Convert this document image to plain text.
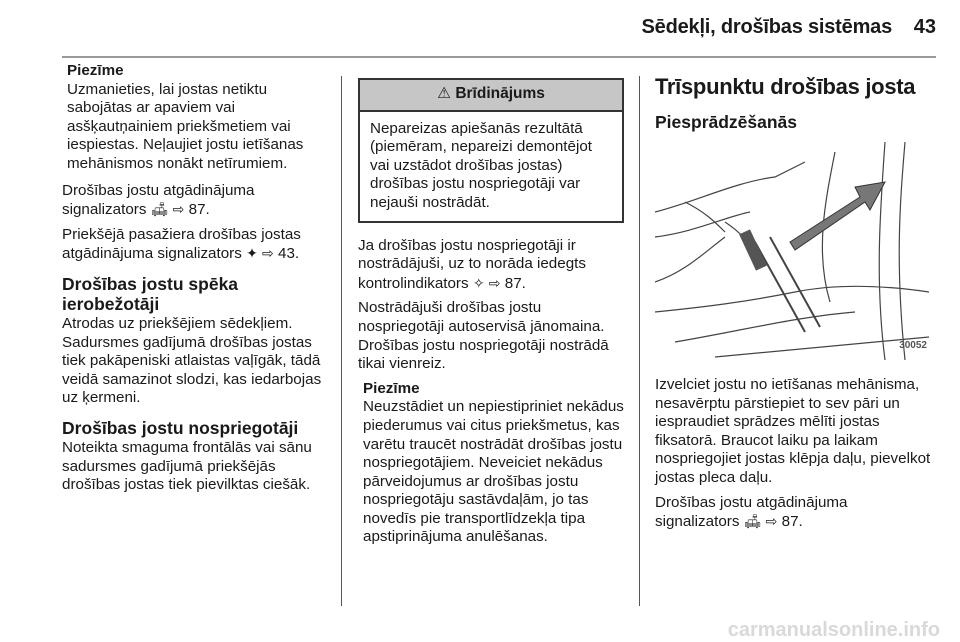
Sēdekļi, drošības sistēmas 43
Piezīme
Uzmanieties, lai jostas netiktu sabojātas ar apaviem vai asšķautņainiem priekšmetiem vai iespiestas. Neļaujiet jostu ietīšanas mehānismos nonākt netīrumiem.

Drošības jostu atgādinājuma signalizators 🛋 ⇨ 87.

Priekšējā pasažiera drošības jostas atgādinājuma signalizators ✦ ⇨ 43.

Drošības jostu spēka ierobežotāji

Atrodas uz priekšējiem sēdekļiem. Sadursmes gadījumā drošības jostas tiek pakāpeniski atlaistas vaļīgāk, tādā veidā samazinot slodzi, kas iedarbojas uz ķermeni.

Drošības jostu nospriegotāji

Noteikta smaguma frontālās vai sānu sadursmes gadījumā priekšējās drošības jostas tiek pievilktas ciešāk.

⚠ Brīdinājums
Nepareizas apiešanās rezultātā (piemēram, nepareizi demontējot vai uzstādot drošības jostas) drošības jostu nospriegotāji var nejauši nostrādāt.

Ja drošības jostu nospriegotāji ir nostrādājuši, uz to norāda iedegts kontrolindikators ✧ ⇨ 87.

Nostrādājuši drošības jostu nospriegotāji autoservisā jānomaina. Drošības jostu nospriegotāji nostrādā tikai vienreiz.

Piezīme
Neuzstādiet un nepiestipriniet nekādus piederumus vai citus priekšmetus, kas varētu traucēt nostrādāt drošības jostu nospriegotājiem. Neveiciet nekādus pārveidojumus ar drošības jostu nospriegotāju sastāvdaļām, jo tas novedīs pie transportlīdzekļa tipa apstiprinājuma anulēšanas.
Trīspunktu drošības josta
Piesprādzēšanās
30052

Izvelciet jostu no ietīšanas mehānisma, nesavērptu pārstiepiet to sev pāri un iespraudiet sprādzes mēlīti jostas fiksatorā. Braucot laiku pa laikam nospriegojiet jostas klēpja daļu, pievelkot jostas pleca daļu.

Drošības jostu atgādinājuma signalizators 🛋 ⇨ 87.

carmanualsonline.info
